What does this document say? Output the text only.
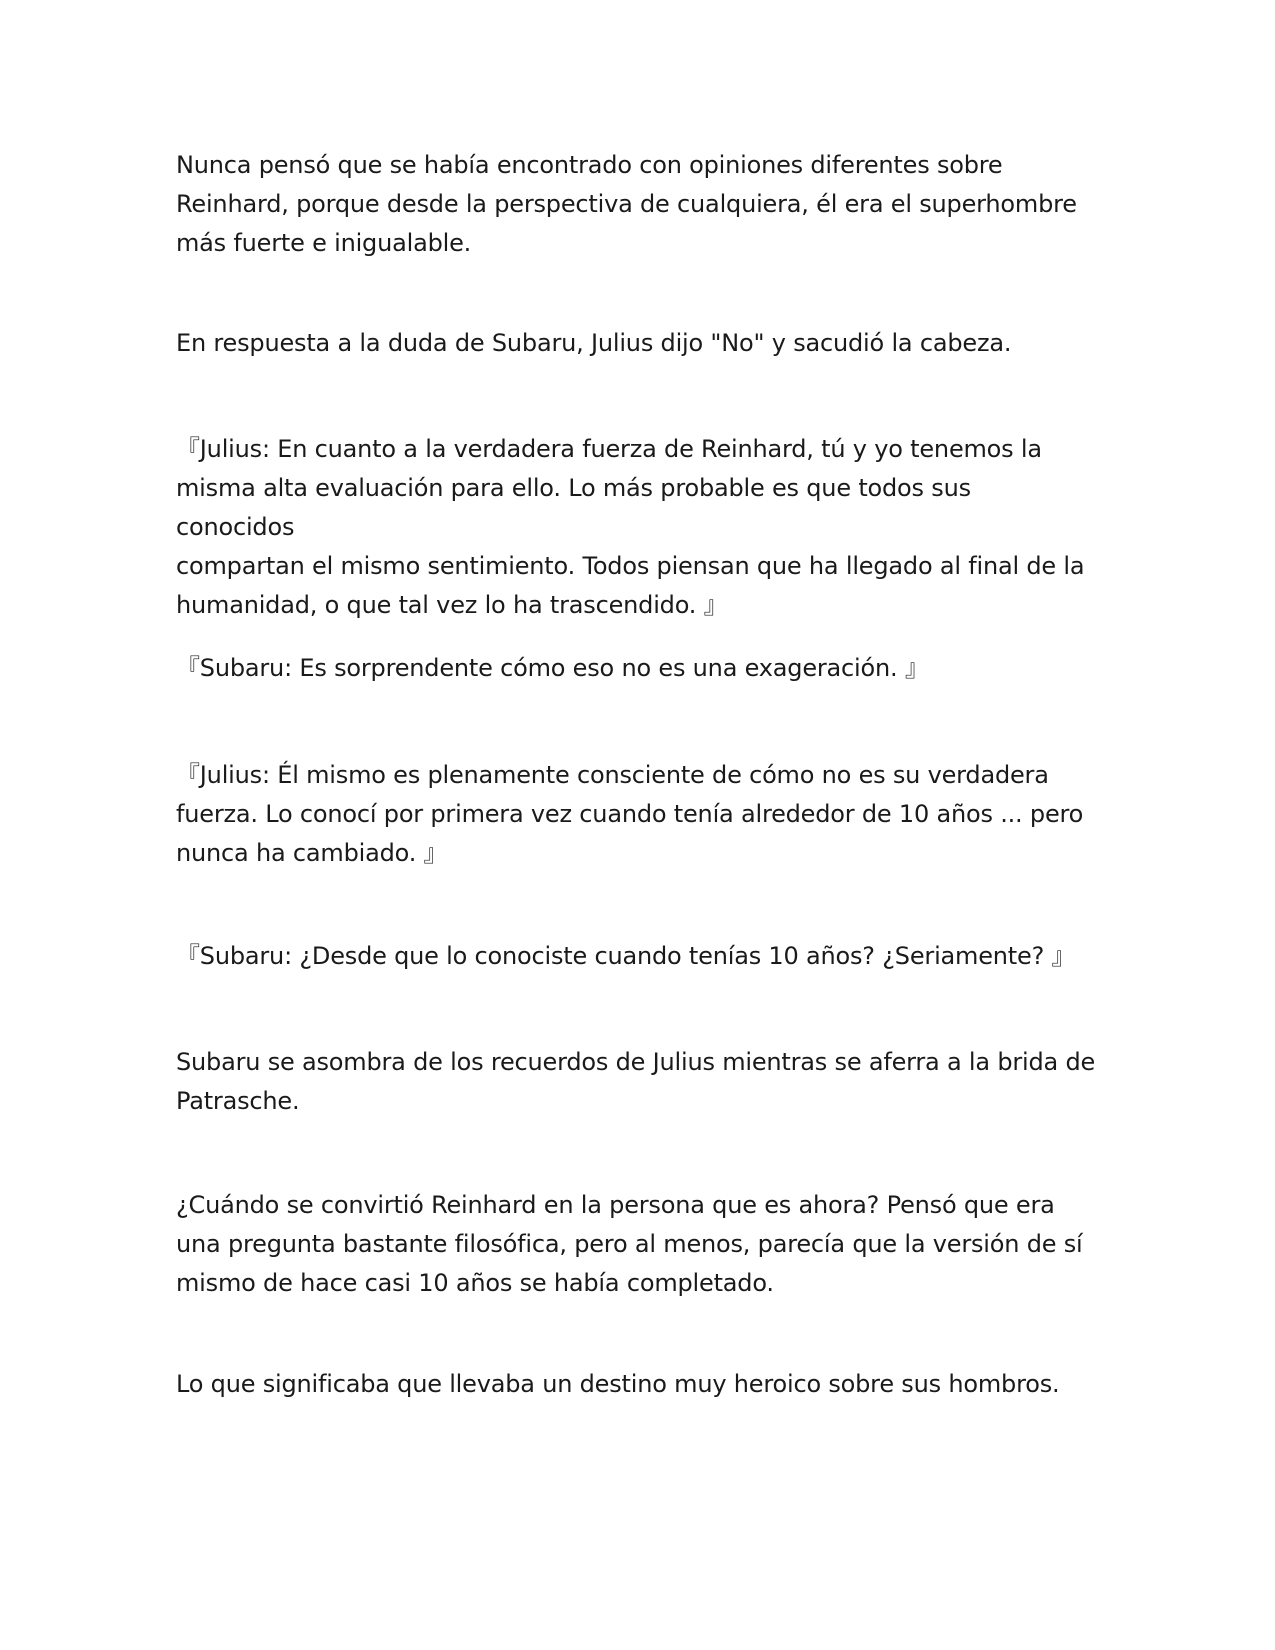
Nunca pensó que se había encontrado con opiniones diferentes sobre
Reinhard, porque desde la perspectiva de cualquiera, él era el superhombre
más fuerte e inigualable.

En respuesta a la duda de Subaru, Julius dijo "No" y sacudió la cabeza.

『Julius: En cuanto a la verdadera fuerza de Reinhard, tú y yo tenemos la
misma alta evaluación para ello. Lo más probable es que todos sus conocidos
compartan el mismo sentimiento. Todos piensan que ha llegado al final de la
humanidad, o que tal vez lo ha trascendido. 』

『Subaru: Es sorprendente cómo eso no es una exageración. 』

『Julius: Él mismo es plenamente consciente de cómo no es su verdadera
fuerza. Lo conocí por primera vez cuando tenía alrededor de 10 años ... pero
nunca ha cambiado. 』

『Subaru: ¿Desde que lo conociste cuando tenías 10 años? ¿Seriamente? 』

Subaru se asombra de los recuerdos de Julius mientras se aferra a la brida de
Patrasche.

¿Cuándo se convirtió Reinhard en la persona que es ahora? Pensó que era
una pregunta bastante filosófica, pero al menos, parecía que la versión de sí
mismo de hace casi 10 años se había completado.

Lo que significaba que llevaba un destino muy heroico sobre sus hombros.
